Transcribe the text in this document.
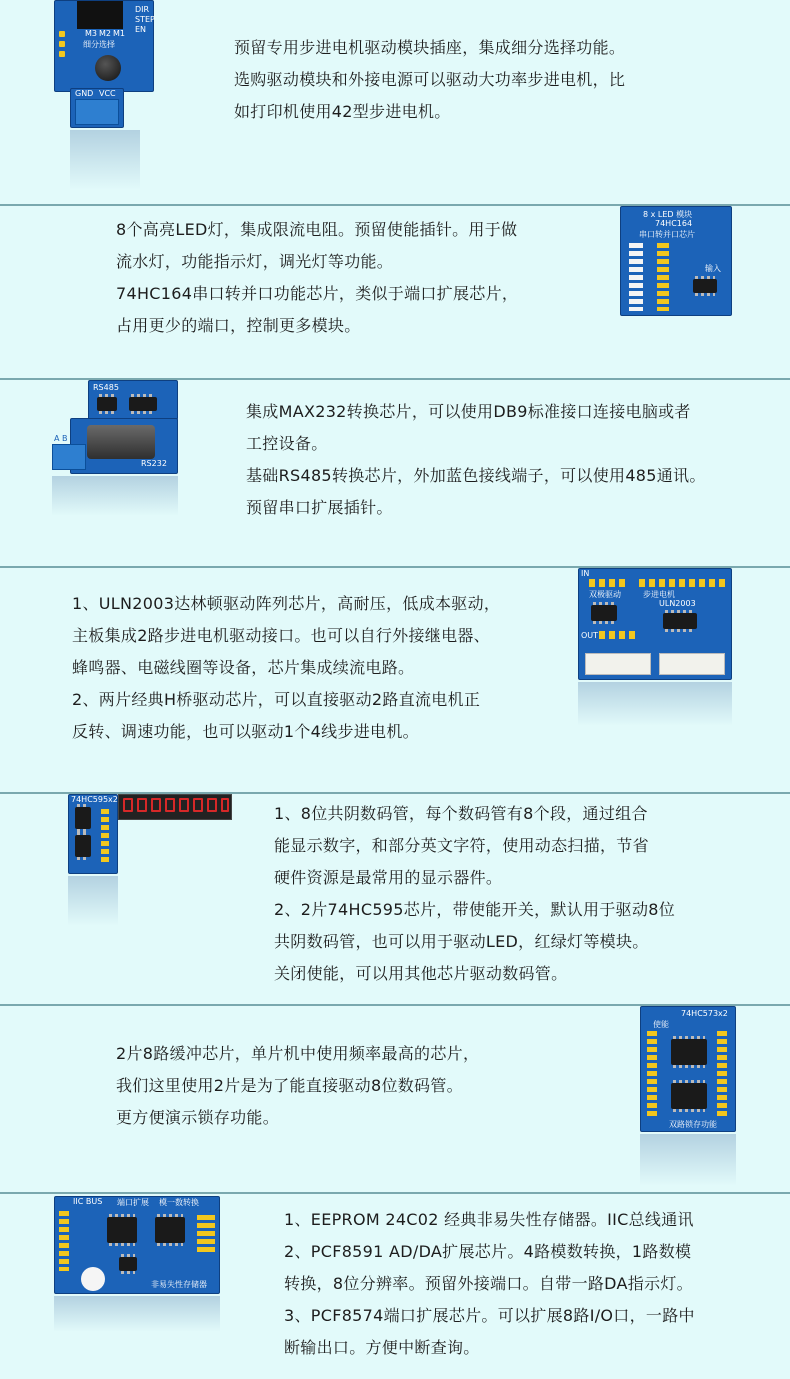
M3 M2 M1
细分选择
DIR
STEP
EN
GND VCC

预留专用步进电机驱动模块插座，集成细分选择功能。

选购驱动模块和外接电源可以驱动大功率步进电机，比

如打印机使用42型步进电机。

8个高亮LED灯，集成限流电阻。预留使能插针。用于做

流水灯，功能指示灯，调光灯等功能。

74HC164串口转并口功能芯片，类似于端口扩展芯片，

占用更少的端口，控制更多模块。

8 x LED 模块
74HC164
串口转并口芯片
输入
RS485
RS232
A B

集成MAX232转换芯片，可以使用DB9标准接口连接电脑或者

工控设备。

基础RS485转换芯片，外加蓝色接线端子，可以使用485通讯。

预留串口扩展插针。

1、ULN2003达林顿驱动阵列芯片，高耐压，低成本驱动，

主板集成2路步进电机驱动接口。也可以自行外接继电器、

蜂鸣器、电磁线圈等设备，芯片集成续流电路。

2、两片经典H桥驱动芯片，可以直接驱动2路直流电机正

反转、调速功能，也可以驱动1个4线步进电机。

IN
双极驱动	步进电机
ULN2003
OUT
74HC595x2

1、8位共阴数码管，每个数码管有8个段，通过组合

能显示数字，和部分英文字符，使用动态扫描，节省

硬件资源是最常用的显示器件。

2、2片74HC595芯片，带使能开关，默认用于驱动8位

共阴数码管，也可以用于驱动LED，红绿灯等模块。

关闭使能，可以用其他芯片驱动数码管。

2片8路缓冲芯片，单片机中使用频率最高的芯片，

我们这里使用2片是为了能直接驱动8位数码管。

更方便演示锁存功能。

74HC573x2
使能
双路锁存功能
IIC BUS 端口扩展 模一数转换
非易失性存储器

1、EEPROM 24C02 经典非易失性存储器。IIC总线通讯

2、PCF8591 AD/DA扩展芯片。4路模数转换，1路数模

转换，8位分辨率。预留外接端口。自带一路DA指示灯。

3、PCF8574端口扩展芯片。可以扩展8路I/O口，一路中

断输出口。方便中断查询。
